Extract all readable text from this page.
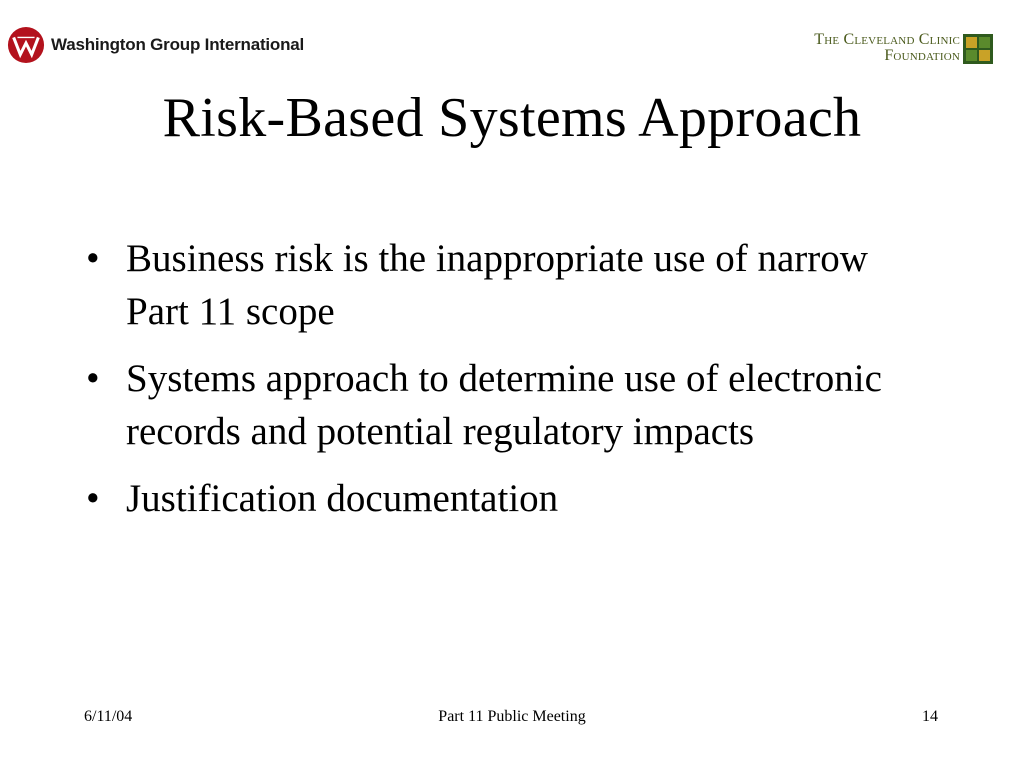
Washington Group International	The Cleveland Clinic
Foundation
Risk-Based Systems Approach
• Business risk is the inappropriate use of narrow Part 11 scope
• Systems approach to determine use of electronic records and potential regulatory impacts
• Justification documentation
6/11/04	Part 11 Public Meeting	14
